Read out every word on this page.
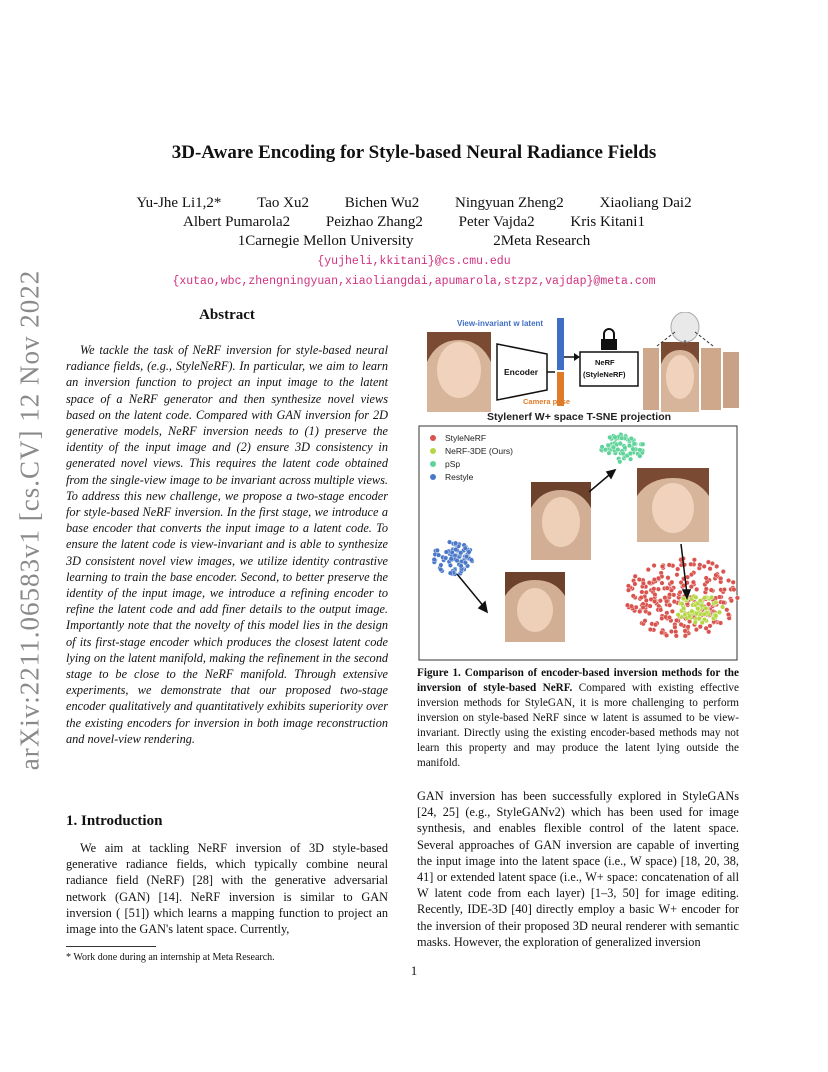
arXiv:2211.06583v1 [cs.CV] 12 Nov 2022
3D-Aware Encoding for Style-based Neural Radiance Fields
Yu-Jhe Li1,2* Tao Xu2 Bichen Wu2 Ningyuan Zheng2 Xiaoliang Dai2
Albert Pumarola2 Peizhao Zhang2 Peter Vajda2 Kris Kitani1
1Carnegie Mellon University	2Meta Research
{yujheli,kkitani}@cs.cmu.edu
{xutao,wbc,zhengningyuan,xiaoliangdai,apumarola,stzpz,vajdap}@meta.com
Abstract

We tackle the task of NeRF inversion for style-based neural radiance fields, (e.g., StyleNeRF). In particular, we aim to learn an inversion function to project an input image to the latent space of a NeRF generator and then synthesize novel views based on the latent code. Compared with GAN inversion for 2D generative models, NeRF inversion needs to (1) preserve the identity of the input image and (2) ensure 3D consistency in generated novel views. This requires the latent code obtained from the single-view image to be invariant across multiple views. To address this new challenge, we propose a two-stage encoder for style-based NeRF inversion. In the first stage, we introduce a base encoder that converts the input image to a latent code. To ensure the latent code is view-invariant and is able to synthesize 3D consistent novel view images, we utilize identity contrastive learning to train the base encoder. Second, to better preserve the identity of the input image, we introduce a refining encoder to refine the latent code and add finer details to the output image. Importantly note that the novelty of this model lies in the design of its first-stage encoder which produces the closest latent code lying on the latent manifold, making the refinement in the second stage to be close to the NeRF manifold. Through extensive experiments, we demonstrate that our proposed two-stage encoder qualitatively and quantitatively exhibits superiority over the existing encoders for inversion in both image reconstruction and novel-view rendering.

1. Introduction

We aim at tackling NeRF inversion of 3D style-based generative radiance fields, which typically combine neural radiance field (NeRF) [28] with the generative adversarial network (GAN) [14]. NeRF inversion is similar to GAN inversion ( [51]) which learns a mapping function to project an image into the GAN's latent space. Currently,

* Work done during an internship at Meta Research.
Encoder
View-invariant w latent
Camera pose
NeRF
(StyleNeRF)
Stylenerf W+ space T-SNE projection
StyleNeRF
NeRF-3DE (Ours)
pSp
Restyle

Figure 1. Comparison of encoder-based inversion methods for the inversion of style-based NeRF. Compared with existing effective inversion methods for StyleGAN, it is more challenging to perform inversion on style-based NeRF since w latent is assumed to be view-invariant. Directly using the existing encoder-based methods may not learn this property and may produce the latent lying outside the manifold.

GAN inversion has been successfully explored in StyleGANs [24, 25] (e.g., StyleGANv2) which has been used for image synthesis, and enables flexible control of the latent space. Several approaches of GAN inversion are capable of inverting the input image into the latent space (i.e., W space) [18, 20, 38, 41] or extended latent space (i.e., W+ space: concatenation of all W latent code from each layer) [1–3, 50] for image editing. Recently, IDE-3D [40] directly employ a basic W+ encoder for the inversion of their proposed 3D neural renderer with semantic masks. However, the exploration of generalized inversion

1
